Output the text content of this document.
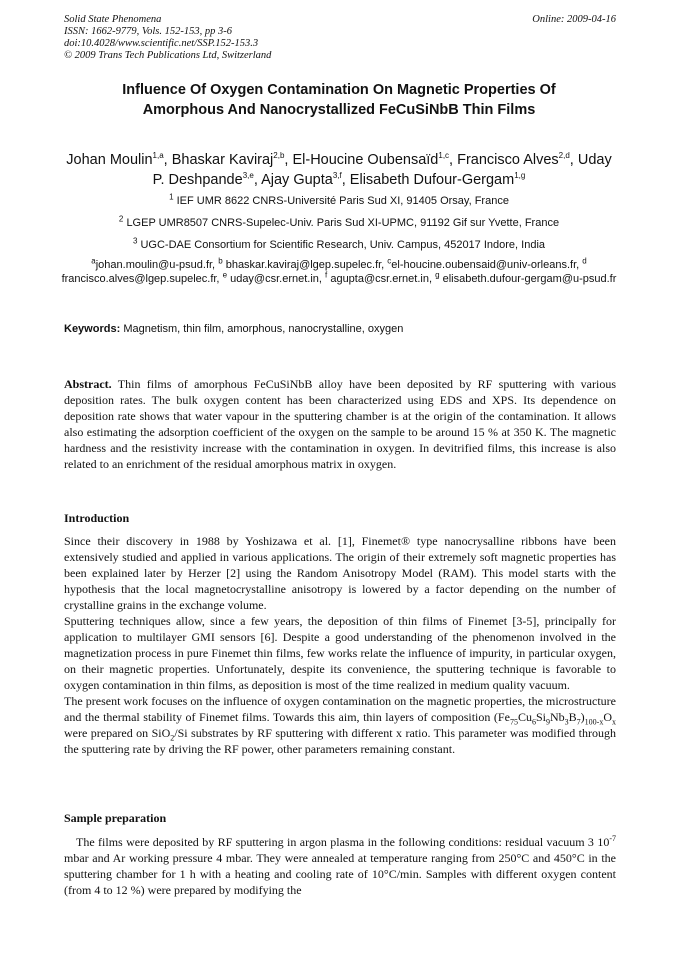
Solid State Phenomena
ISSN: 1662-9779, Vols. 152-153, pp 3-6
doi:10.4028/www.scientific.net/SSP.152-153.3
© 2009 Trans Tech Publications Ltd, Switzerland
Online: 2009-04-16
Influence Of Oxygen Contamination On Magnetic Properties Of
Amorphous And Nanocrystallized FeCuSiNbB Thin Films
Johan Moulin$^{1,a}$, Bhaskar Kaviraj$^{2,b}$, El-Houcine Oubensaïd$^{1,c}$, Francisco Alves$^{2,d}$, Uday P. Deshpande$^{3,e}$, Ajay Gupta$^{3,f}$, Elisabeth Dufour-Gergam$^{1,g}$
$^1$ IEF UMR 8622 CNRS-Université Paris Sud XI, 91405 Orsay, France
$^2$ LGEP UMR8507 CNRS-Supelec-Univ. Paris Sud XI-UPMC, 91192 Gif sur Yvette, France
$^3$ UGC-DAE Consortium for Scientific Research, Univ. Campus, 452017 Indore, India
$^a$johan.moulin@u-psud.fr, $^b$ bhaskar.kaviraj@lgep.supelec.fr, $^c$el-houcine.oubensaid@univ-orleans.fr, $^d$ francisco.alves@lgep.supelec.fr, $^e$ uday@csr.ernet.in, $^f$ agupta@csr.ernet.in, $^g$ elisabeth.dufour-gergam@u-psud.fr
Keywords: Magnetism, thin film, amorphous, nanocrystalline, oxygen
Abstract. Thin films of amorphous FeCuSiNbB alloy have been deposited by RF sputtering with various deposition rates. The bulk oxygen content has been characterized using EDS and XPS. Its dependence on deposition rate shows that water vapour in the sputtering chamber is at the origin of the contamination. It allows also estimating the adsorption coefficient of the oxygen on the sample to be around 15 % at 350 K. The magnetic hardness and the resistivity increase with the contamination in oxygen. In devitrified films, this increase is also related to an enrichment of the residual amorphous matrix in oxygen.
Introduction

Since their discovery in 1988 by Yoshizawa et al. [1], Finemet® type nanocrysalline ribbons have been extensively studied and applied in various applications. The origin of their extremely soft magnetic properties has been explained later by Herzer [2] using the Random Anisotropy Model (RAM). This model starts with the hypothesis that the local magnetocrystalline anisotropy is lowered by a factor depending on the number of crystalline grains in the exchange volume.

Sputtering techniques allow, since a few years, the deposition of thin films of Finemet [3-5], principally for application to multilayer GMI sensors [6]. Despite a good understanding of the phenomenon involved in the magnetization process in pure Finemet thin films, few works relate the influence of impurity, in particular oxygen, on their magnetic properties. Unfortunately, despite its convenience, the sputtering technique is favorable to oxygen contamination in thin films, as deposition is most of the time realized in medium quality vacuum.

The present work focuses on the influence of oxygen contamination on the magnetic properties, the microstructure and the thermal stability of Finemet films. Towards this aim, thin layers of composition $(Fe_{75}Cu_6Si_9Nb_3B_7)_{100-x}O_x$ were prepared on SiO$_2$/Si substrates by RF sputtering with different x ratio. This parameter was modified through the sputtering rate by driving the RF power, other parameters remaining constant.

Sample preparation
The films were deposited by RF sputtering in argon plasma in the following conditions: residual vacuum 3 $10^{-7}$ mbar and Ar working pressure 4 mbar. They were annealed at temperature ranging from 250°C and 450°C in the sputtering chamber for 1 h with a heating and cooling rate of 10°C/min. Samples with different oxygen content (from 4 to 12 %) were prepared by modifying the
